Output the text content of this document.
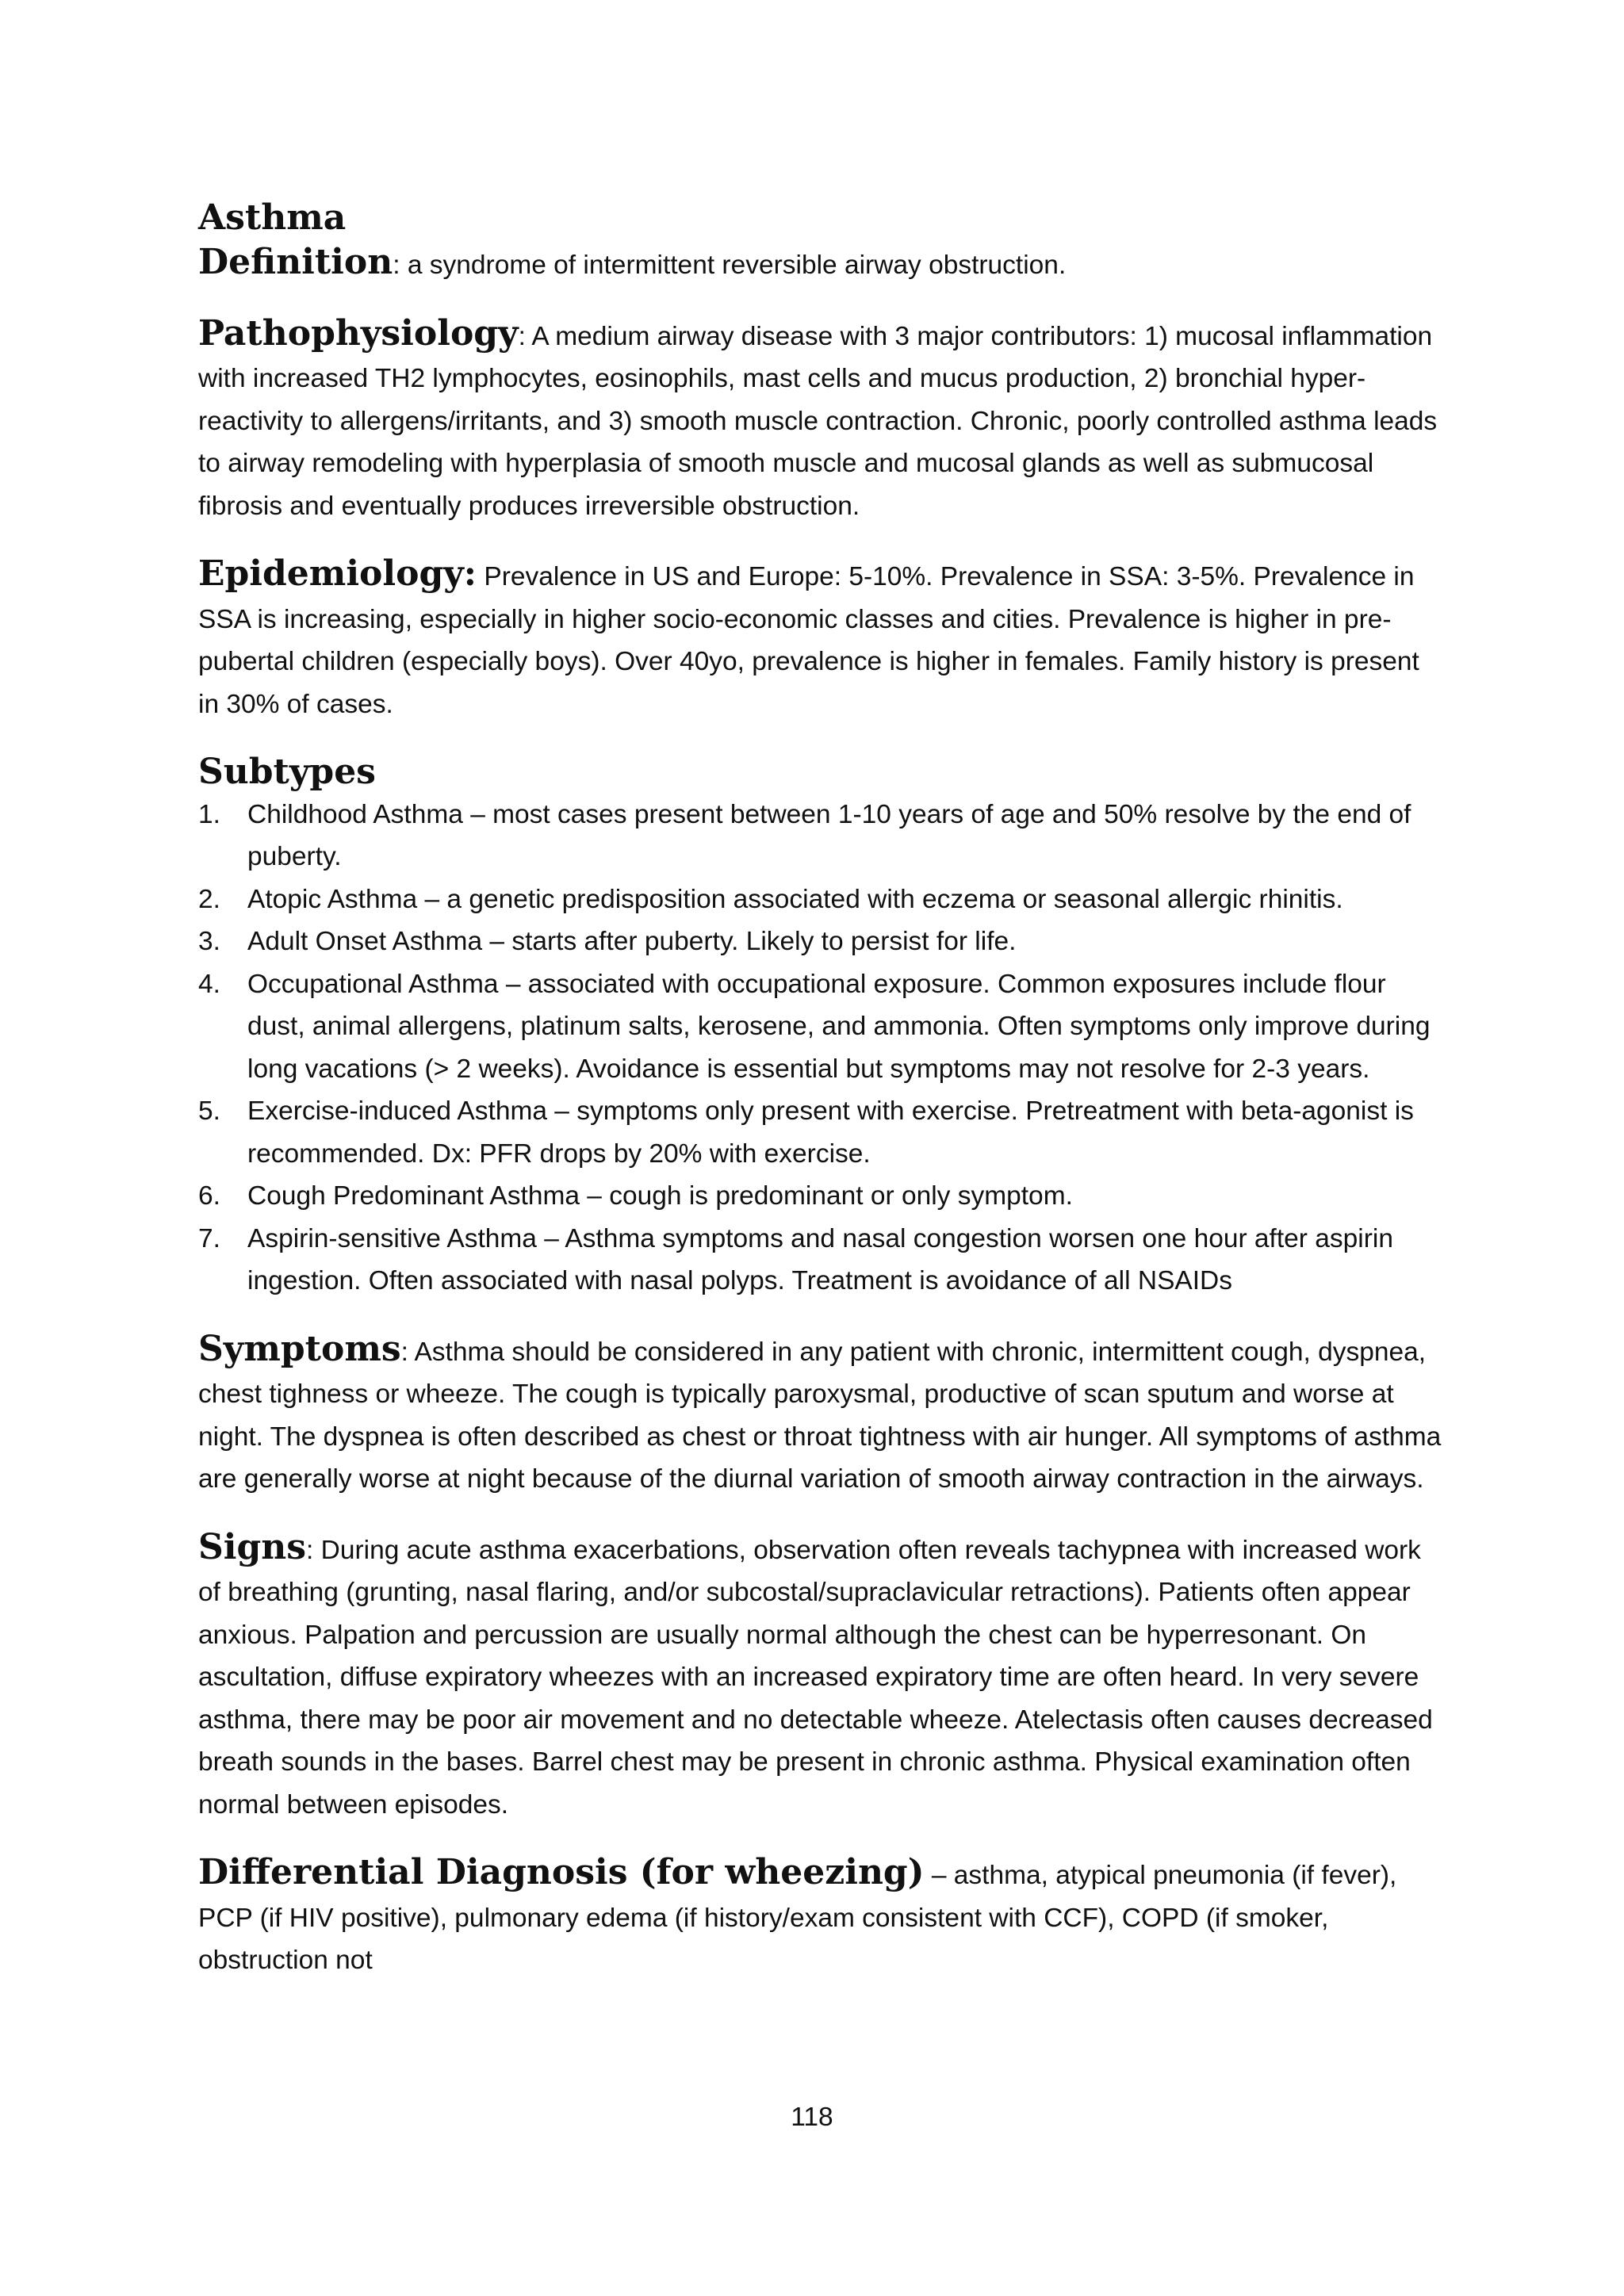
Asthma

Definition: a syndrome of intermittent reversible airway obstruction.

Pathophysiology: A medium airway disease with 3 major contributors: 1) mucosal inflammation with increased TH2 lymphocytes, eosinophils, mast cells and mucus production, 2) bronchial hyper-reactivity to allergens/irritants, and 3) smooth muscle contraction. Chronic, poorly controlled asthma leads to airway remodeling with hyperplasia of smooth muscle and mucosal glands as well as submucosal fibrosis and eventually produces irreversible obstruction.

Epidemiology: Prevalence in US and Europe: 5-10%. Prevalence in SSA: 3-5%. Prevalence in SSA is increasing, especially in higher socio-economic classes and cities. Prevalence is higher in pre-pubertal children (especially boys). Over 40yo, prevalence is higher in females. Family history is present in 30% of cases.

Subtypes
1. Childhood Asthma – most cases present between 1-10 years of age and 50% resolve by the end of puberty.
2. Atopic Asthma – a genetic predisposition associated with eczema or seasonal allergic rhinitis.
3. Adult Onset Asthma – starts after puberty. Likely to persist for life.
4. Occupational Asthma – associated with occupational exposure. Common exposures include flour dust, animal allergens, platinum salts, kerosene, and ammonia. Often symptoms only improve during long vacations (> 2 weeks). Avoidance is essential but symptoms may not resolve for 2-3 years.
5. Exercise-induced Asthma – symptoms only present with exercise. Pretreatment with beta-agonist is recommended. Dx: PFR drops by 20% with exercise.
6. Cough Predominant Asthma – cough is predominant or only symptom.
7. Aspirin-sensitive Asthma – Asthma symptoms and nasal congestion worsen one hour after aspirin ingestion. Often associated with nasal polyps. Treatment is avoidance of all NSAIDs

Symptoms: Asthma should be considered in any patient with chronic, intermittent cough, dyspnea, chest tighness or wheeze. The cough is typically paroxysmal, productive of scan sputum and worse at night. The dyspnea is often described as chest or throat tightness with air hunger. All symptoms of asthma are generally worse at night because of the diurnal variation of smooth airway contraction in the airways.

Signs: During acute asthma exacerbations, observation often reveals tachypnea with increased work of breathing (grunting, nasal flaring, and/or subcostal/supraclavicular retractions). Patients often appear anxious. Palpation and percussion are usually normal although the chest can be hyperresonant. On ascultation, diffuse expiratory wheezes with an increased expiratory time are often heard. In very severe asthma, there may be poor air movement and no detectable wheeze. Atelectasis often causes decreased breath sounds in the bases. Barrel chest may be present in chronic asthma. Physical examination often normal between episodes.

Differential Diagnosis (for wheezing) – asthma, atypical pneumonia (if fever), PCP (if HIV positive), pulmonary edema (if history/exam consistent with CCF), COPD (if smoker, obstruction not

118
